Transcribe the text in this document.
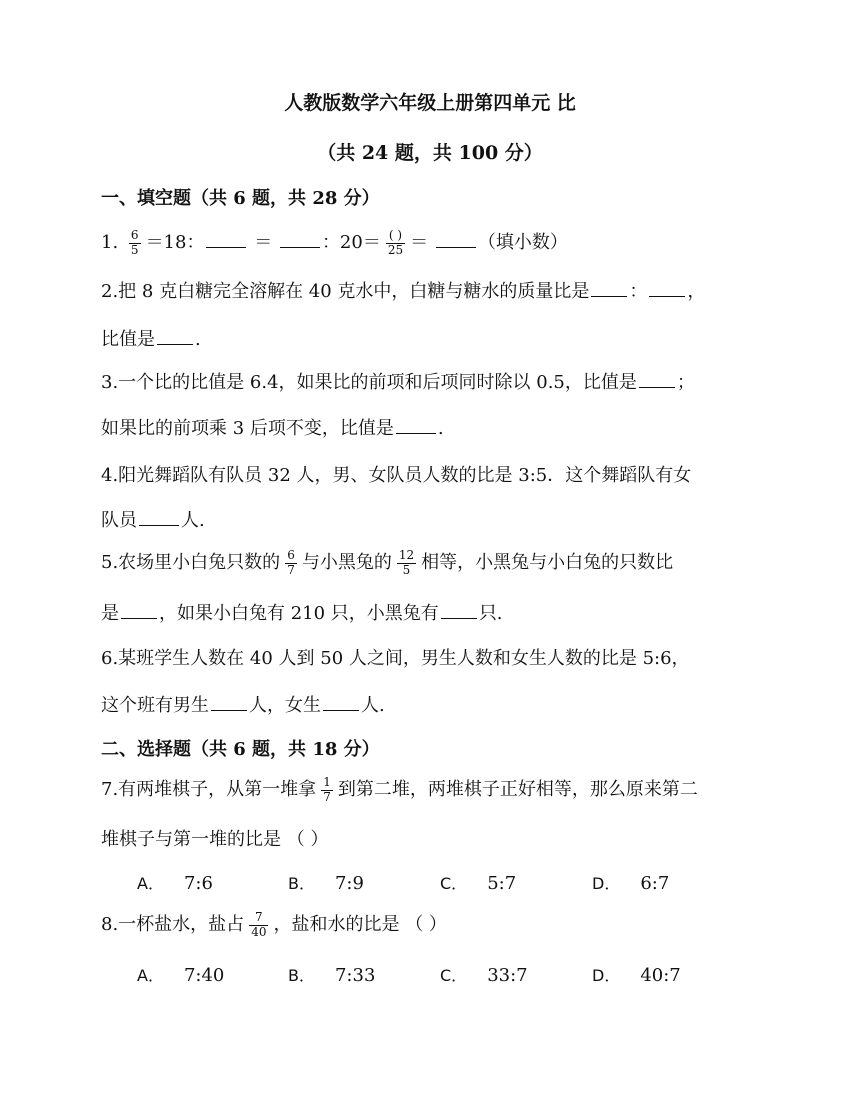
人教版数学六年级上册第四单元 比
（共 24 题，共 100 分）
一、填空题（共 6 题，共 28 分）
1. $\frac{6}{5} =18$：	＝	：$20= \frac{( )}{25}$ ＝	（填小数）
2.把 8 克白糖完全溶解在 40 克水中，白糖与糖水的质量比是 ： ，
比值是 .
3.一个比的比值是 6.4，如果比的前项和后项同时除以 0.5，比值是 ；
如果比的前项乘 3 后项不变，比值是 .
4.阳光舞蹈队有队员 32 人，男、女队员人数的比是 3:5．这个舞蹈队有女
队员 人.
5.农场里小白兔只数的 $\frac{6}{7}$ 与小黑兔的 $\frac{12}{5}$ 相等，小黑兔与小白兔的只数比
是 ，如果小白兔有 210 只，小黑兔有 只.
6.某班学生人数在 40 人到 50 人之间，男生人数和女生人数的比是 5:6，
这个班有男生 人，女生 人.
二、选择题（共 6 题，共 18 分）
7.有两堆棋子，从第一堆拿 $\frac{1}{7}$ 到第二堆，两堆棋子正好相等，那么原来第二
堆棋子与第一堆的比是 （ ）
A． 7:6	B． 7:9	C． 5:7	D． 6:7
8.一杯盐水，盐占 $\frac{7}{40}$ ，盐和水的比是 （ ）
A． 7:40	B． 7:33	C． 33:7	D． 40:7
